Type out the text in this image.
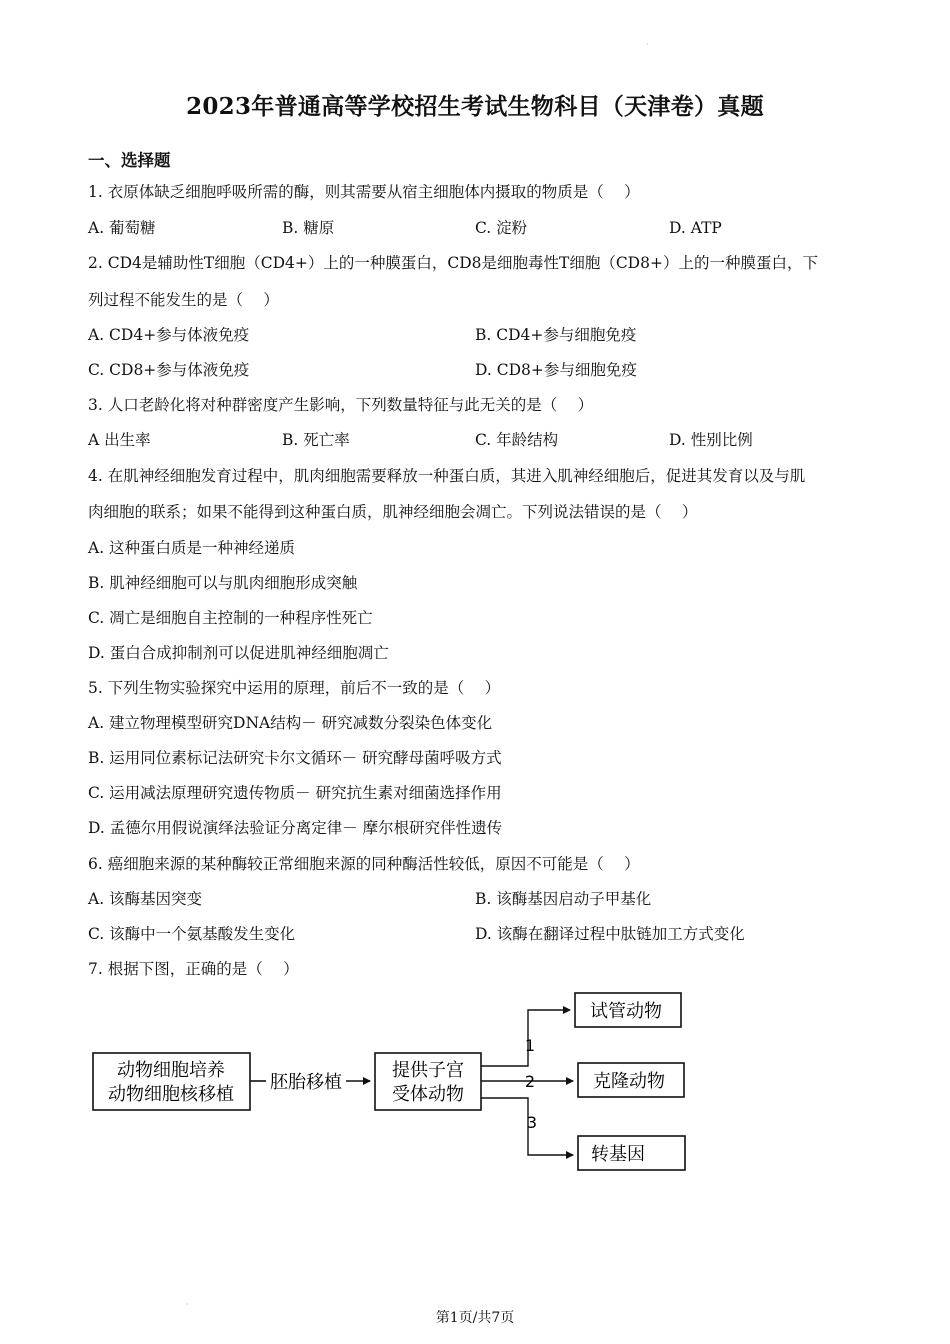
·
2023年普通高等学校招生考试生物科目（天津卷）真题
一、选择题
1. 衣原体缺乏细胞呼吸所需的酶，则其需要从宿主细胞体内摄取的物质是（　 ）
A. 葡萄糖	B. 糖原	C. 淀粉	D. ATP
2. CD4是辅助性T细胞（CD4+）上的一种膜蛋白，CD8是细胞毒性T细胞（CD8+）上的一种膜蛋白，下
列过程不能发生的是（　 ）
A. CD4+参与体液免疫	B. CD4+参与细胞免疫
C. CD8+参与体液免疫	D. CD8+参与细胞免疫
3. 人口老龄化将对种群密度产生影响，下列数量特征与此无关的是（　 ）
A 出生率	B. 死亡率	C. 年龄结构	D. 性别比例
4. 在肌神经细胞发育过程中，肌肉细胞需要释放一种蛋白质，其进入肌神经细胞后，促进其发育以及与肌
肉细胞的联系；如果不能得到这种蛋白质，肌神经细胞会凋亡。下列说法错误的是（　 ）
A. 这种蛋白质是一种神经递质
B. 肌神经细胞可以与肌肉细胞形成突触
C. 凋亡是细胞自主控制的一种程序性死亡
D. 蛋白合成抑制剂可以促进肌神经细胞凋亡
5. 下列生物实验探究中运用的原理，前后不一致的是（　 ）
A. 建立物理模型研究DNA结构－ 研究减数分裂染色体变化
B. 运用同位素标记法研究卡尔文循环－ 研究酵母菌呼吸方式
C. 运用减法原理研究遗传物质－ 研究抗生素对细菌选择作用
D. 孟德尔用假说演绎法验证分离定律－ 摩尔根研究伴性遗传
6. 癌细胞来源的某种酶较正常细胞来源的同种酶活性较低，原因不可能是（　 ）
A. 该酶基因突变	B. 该酶基因启动子甲基化
C. 该酶中一个氨基酸发生变化	D. 该酶在翻译过程中肽链加工方式变化
7. 根据下图，正确的是（　 ）
动物细胞培养
动物细胞核移植
胚胎移植
提供子宫
受体动物
1
2
3
试管动物
克隆动物
转基因
·
第1页/共7页
